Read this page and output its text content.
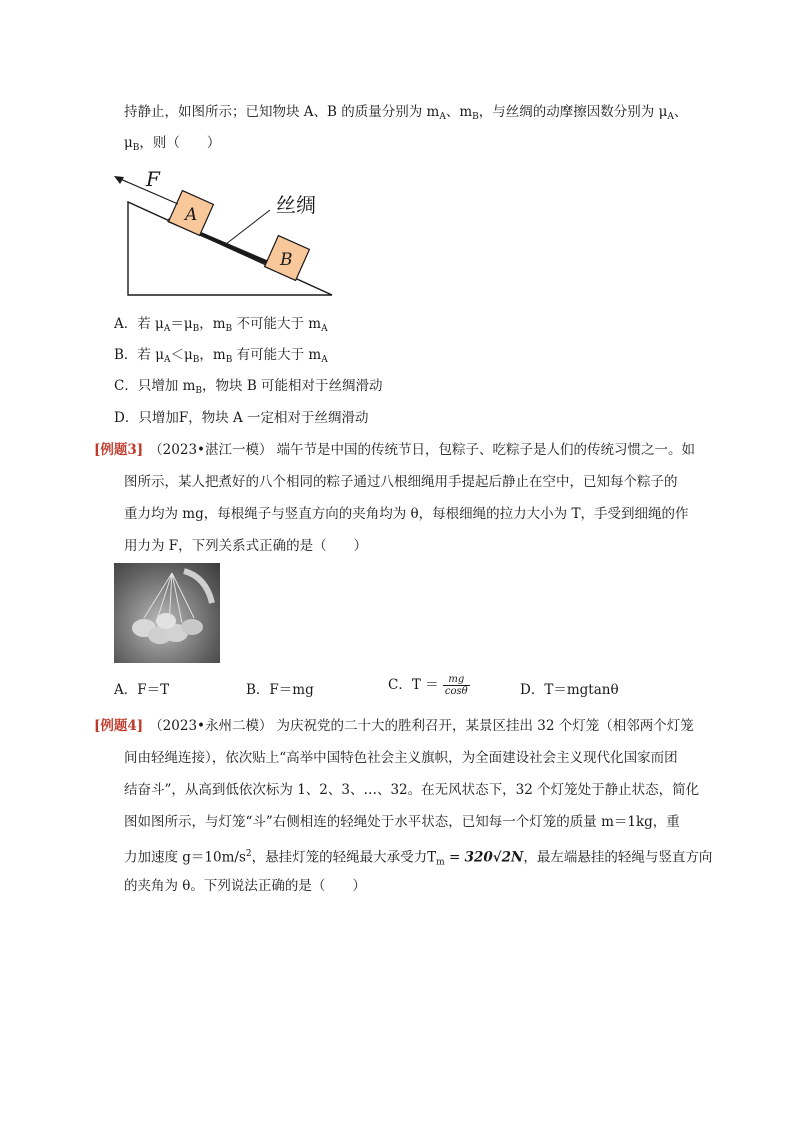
持静止，如图所示；已知物块 A、B 的质量分别为 $m_A$、$m_B$，与丝绸的动摩擦因数分别为 $\mu_A$、
$\mu_B$，则（　　）
A
B
F
丝绸
A．若 $\mu_A=\mu_B$，$m_B$ 不可能大于 $m_A$
B．若 $\mu_A<\mu_B$，$m_B$ 有可能大于 $m_A$
C．只增加 $m_B$，物块 B 可能相对于丝绸滑动
D．只增加F，物块 A 一定相对于丝绸滑动
[例题3] （2023•湛江一模） 端午节是中国的传统节日，包粽子、吃粽子是人们的传统习惯之一。如
图所示，某人把煮好的八个相同的粽子通过八根细绳用手提起后静止在空中，已知每个粽子的
重力均为 mg，每根绳子与竖直方向的夹角均为 θ，每根细绳的拉力大小为 T，手受到细绳的作
用力为 F，下列关系式正确的是（　　）
A．F＝T	B．F＝mg	C．$T = \frac{mg}{\cos\theta}$	D．T＝mgtanθ
[例题4] （2023•永州二模） 为庆祝党的二十大的胜利召开，某景区挂出 32 个灯笼（相邻两个灯笼
间由轻绳连接），依次贴上“高举中国特色社会主义旗帜，为全面建设社会主义现代化国家而团
结奋斗”，从高到低依次标为 1、2、3、…、32。在无风状态下，32 个灯笼处于静止状态，简化
图如图所示，与灯笼“斗”右侧相连的轻绳处于水平状态，已知每一个灯笼的质量 m＝1kg，重
力加速度 $g=10m/s^2$，悬挂灯笼的轻绳最大承受力$T_m = 320√2N$，最左端悬挂的轻绳与竖直方向
的夹角为 θ。下列说法正确的是（　　）
